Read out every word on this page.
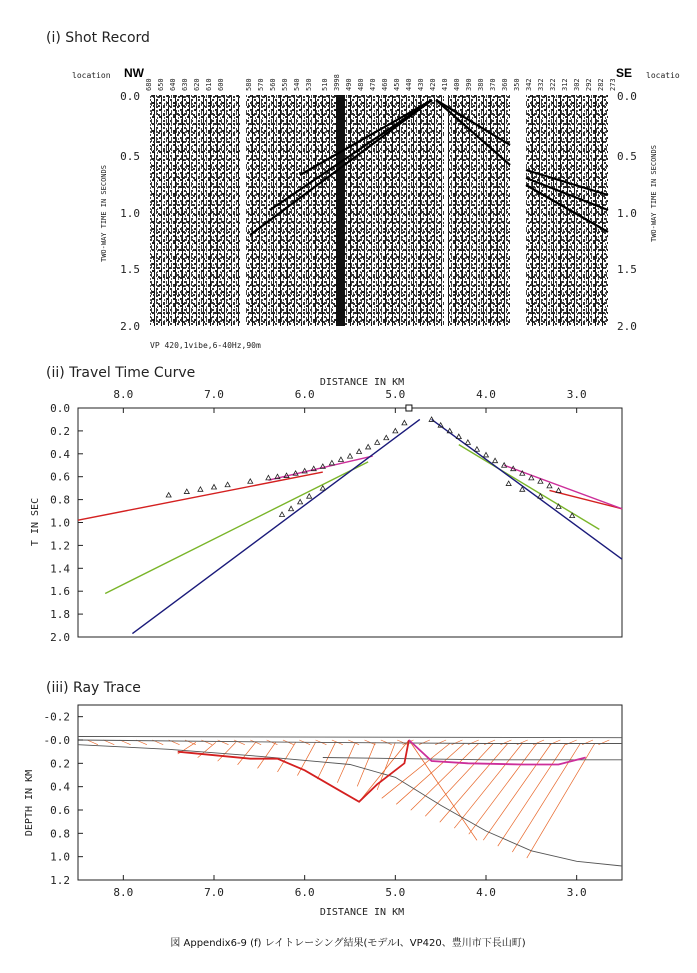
(i) Shot Record
location	locatio
NW	SE
680 650 640 630 620 610 600	580 570 560 550 540 530 510 3998 490 480 470 460 450 440 430 420 410 400 390 380 370 360 350 342 332 322 312 302 292 282 273
0.0
0.5
1.0
1.5
2.0
TWO-WAY TIME IN SECONDS
0.0
0.5
1.0
1.5
2.0
TWO-WAY TIME IN SECONDS
VP 420,1vibe,6-40Hz,90m
(ii) Travel Time Curve
DISTANCE IN KM
T IN SEC
8.0	7.0	6.0	5.0	4.0	3.0
0.0
0.2
0.4
0.6
0.8
1.0
1.2
1.4
1.6
1.8
2.0
(iii) Ray Trace
DISTANCE IN KM
DEPTH IN KM
8.0	7.0	6.0	5.0	4.0	3.0
-0.2
-0.0
0.2
0.4
0.6
0.8
1.0
1.2
図 Appendix6-9 (f) レイトレーシング結果(モデルⅠ、VP420、豊川市下長山町)
